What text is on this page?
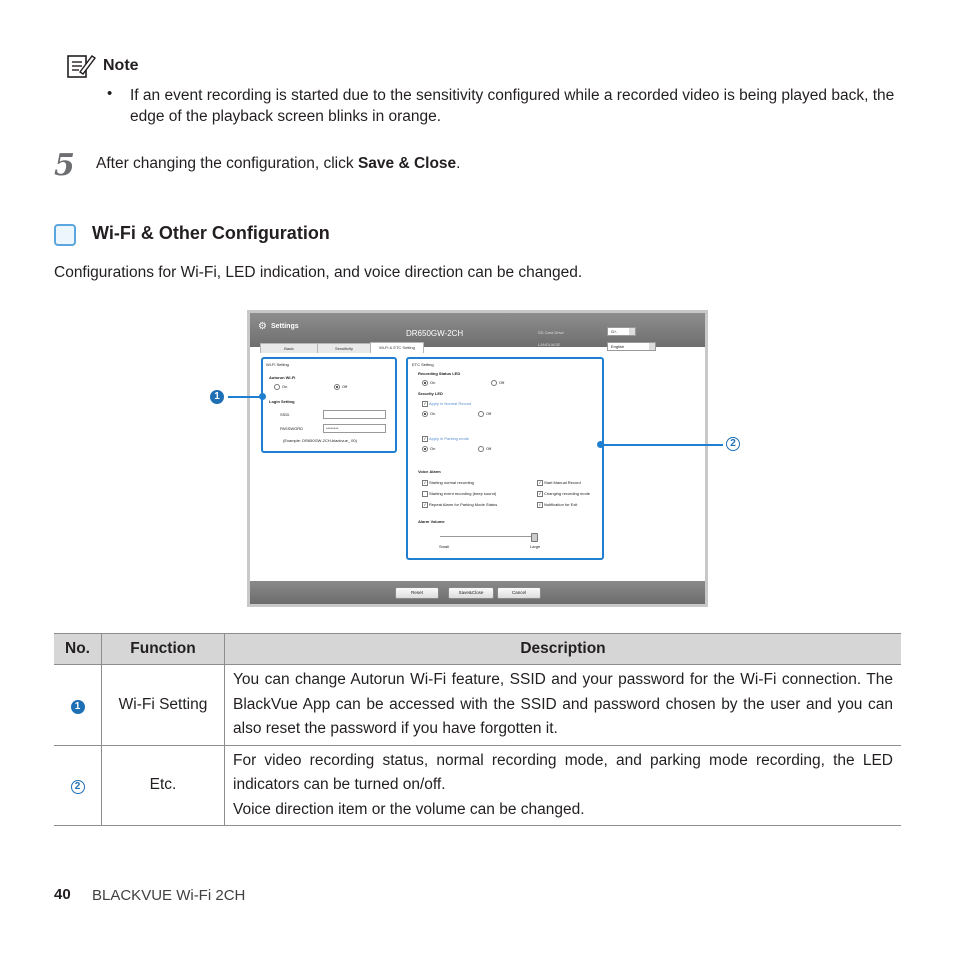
Note
• If an event recording is started due to the sensitivity configured while a recorded video is being played back, the edge of the playback screen blinks in orange.
5 After changing the configuration, click Save & Close.
Wi-Fi & Other Configuration
Configurations for Wi-Fi, LED indication, and voice direction can be changed.
⚙ Settings
DR650GW-2CH	SD Card Drive	G:\
LANGUAGE	English
Basic	Sensitivity	Wi-Fi & ETC Setting
Wi-Fi Setting
Autorun Wi-Fi
On	Off
Login Setting
SSID
PASSWORD	********
(Example: DR650GW-2CH-blackvue_ 00)
ETC Setting
Recording Status LED
On	Off
Security LED
✓ Apply in Normal Record
On	Off
✓ Apply in Parking mode
On	Off
Voice Alarm
✓ Starting normal recording
Starting event recording (beep sound)
✓ Repeat Alarm for Parking Mode Status
✓ Start Manual Record
✓ Changing recording mode
✓ Notification for Exit
Alarm Volume
Small	Large
Reset	Save&Close	Cancel
1
2
No.	Function	Description
1	Wi-Fi Setting	You can change Autorun Wi-Fi feature, SSID and your password for the Wi-Fi connection. The BlackVue App can be accessed with the SSID and password chosen by the user and you can also reset the password if you have forgotten it.
2	Etc.	For video recording status, normal recording mode, and parking mode recording, the LED indicators can be turned on/off.
Voice direction item or the volume can be changed.
40 BLACKVUE Wi-Fi 2CH
